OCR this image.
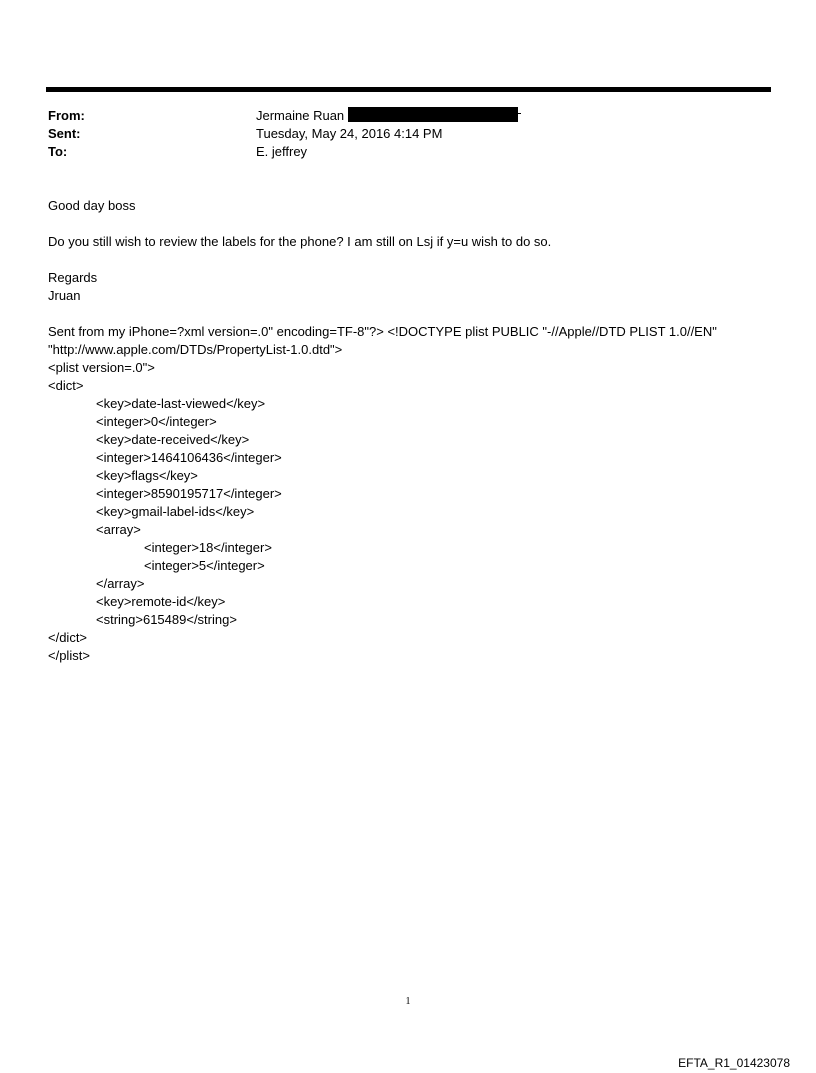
From:	Jermaine Ruan
Sent:	Tuesday, May 24, 2016 4:14 PM
To:	E. jeffrey
Good day boss
Do you still wish to review the labels for the phone? I am still on Lsj if y=u wish to do so.
Regards
Jruan
Sent from my iPhone=?xml version=.0" encoding=TF-8"?> <!DOCTYPE plist PUBLIC "-//Apple//DTD PLIST 1.0//EN"
"http://www.apple.com/DTDs/PropertyList-1.0.dtd">
<plist version=.0">
<dict>
<key>date-last-viewed</key>
<integer>0</integer>
<key>date-received</key>
<integer>1464106436</integer>
<key>flags</key>
<integer>8590195717</integer>
<key>gmail-label-ids</key>
<array>
<integer>18</integer>
<integer>5</integer>
</array>
<key>remote-id</key>
<string>615489</string>
</dict>
</plist>
1
EFTA_R1_01423078
